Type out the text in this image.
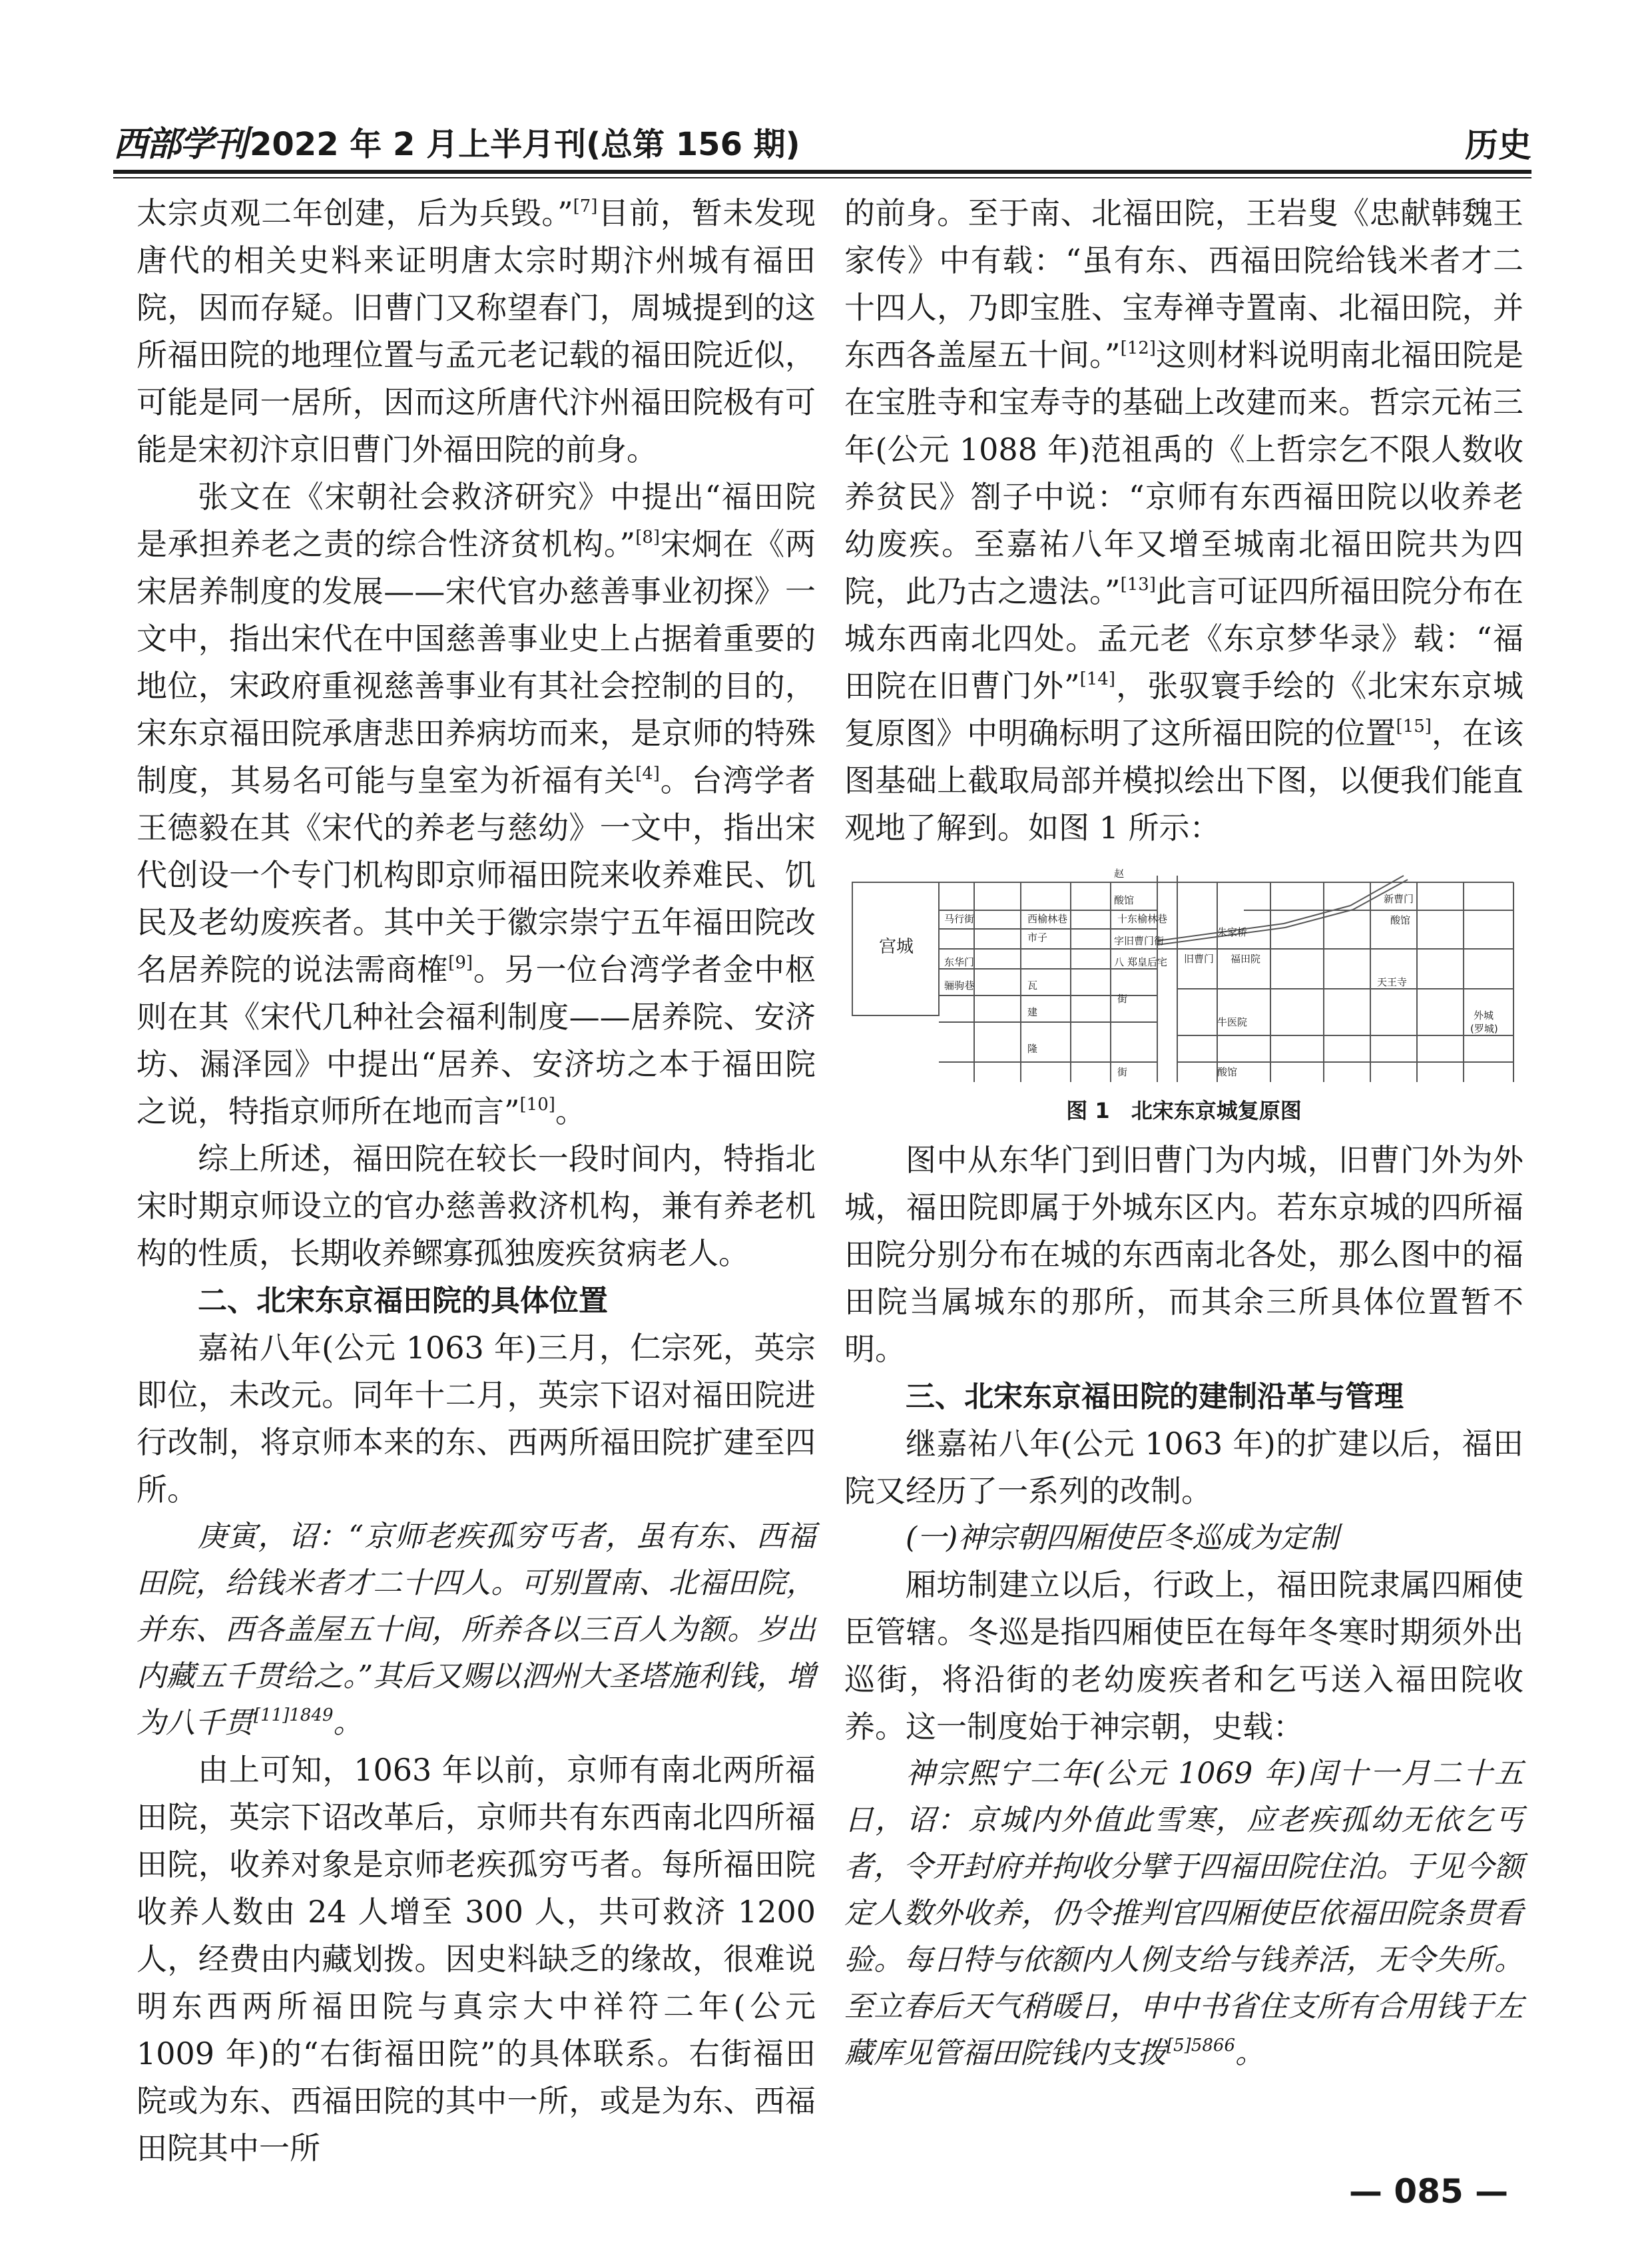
西部学刊 2022 年 2 月上半月刊(总第 156 期)	历史

太宗贞观二年创建，后为兵毁。”[7]目前，暂未发现唐代的相关史料来证明唐太宗时期汴州城有福田院，因而存疑。旧曹门又称望春门，周城提到的这所福田院的地理位置与孟元老记载的福田院近似，可能是同一居所，因而这所唐代汴州福田院极有可能是宋初汴京旧曹门外福田院的前身。

张文在《宋朝社会救济研究》中提出“福田院是承担养老之责的综合性济贫机构。”[8]宋炯在《两宋居养制度的发展——宋代官办慈善事业初探》一文中，指出宋代在中国慈善事业史上占据着重要的地位，宋政府重视慈善事业有其社会控制的目的，宋东京福田院承唐悲田养病坊而来，是京师的特殊制度，其易名可能与皇室为祈福有关[4]。台湾学者王德毅在其《宋代的养老与慈幼》一文中，指出宋代创设一个专门机构即京师福田院来收养难民、饥民及老幼废疾者。其中关于徽宗崇宁五年福田院改名居养院的说法需商榷[9]。另一位台湾学者金中枢则在其《宋代几种社会福利制度——居养院、安济坊、漏泽园》中提出“居养、安济坊之本于福田院之说，特指京师所在地而言”[10]。

综上所述，福田院在较长一段时间内，特指北宋时期京师设立的官办慈善救济机构，兼有养老机构的性质，长期收养鳏寡孤独废疾贫病老人。

二、北宋东京福田院的具体位置

嘉祐八年(公元 1063 年)三月，仁宗死，英宗即位，未改元。同年十二月，英宗下诏对福田院进行改制，将京师本来的东、西两所福田院扩建至四所。

庚寅，诏：“京师老疾孤穷丐者，虽有东、西福田院，给钱米者才二十四人。可别置南、北福田院，并东、西各盖屋五十间，所养各以三百人为额。岁出内藏五千贯给之。”其后又赐以泗州大圣塔施利钱，增为八千贯$^{[11]1849}$。

由上可知，1063 年以前，京师有南北两所福田院，英宗下诏改革后，京师共有东西南北四所福田院，收养对象是京师老疾孤穷丐者。每所福田院收养人数由 24 人增至 300 人，共可救济 1200 人，经费由内藏划拨。因史料缺乏的缘故，很难说明东西两所福田院与真宗大中祥符二年(公元 1009 年)的“右街福田院”的具体联系。右街福田院或为东、西福田院的其中一所，或是为东、西福田院其中一所

的前身。至于南、北福田院，王岩叟《忠献韩魏王家传》中有载：“虽有东、西福田院给钱米者才二十四人，乃即宝胜、宝寿禅寺置南、北福田院，并东西各盖屋五十间。”[12]这则材料说明南北福田院是在宝胜寺和宝寿寺的基础上改建而来。哲宗元祐三年(公元 1088 年)范祖禹的《上哲宗乞不限人数收养贫民》劄子中说：“京师有东西福田院以收养老幼废疾。至嘉祐八年又增至城南北福田院共为四院，此乃古之遗法。”[13]此言可证四所福田院分布在城东西南北四处。孟元老《东京梦华录》载：“福田院在旧曹门外”[14]，张驭寰手绘的《北宋东京城复原图》中明确标明了这所福田院的位置[15]，在该图基础上截取局部并模拟绘出下图，以便我们能直观地了解到。如图 1 所示：

宫城
赵
酸馆
马行街	西榆林巷	十 东榆林巷
市子	字 旧曹门街
东华门	八 郑皇后宅
骊驹巷	瓦
朱家桥
旧曹门 福田院
新曹门
酸馆
天王寺
建
街
牛医院
隆
街	酸馆
外城
(罗城)
图 1　北宋东京城复原图

图中从东华门到旧曹门为内城，旧曹门外为外城，福田院即属于外城东区内。若东京城的四所福田院分别分布在城的东西南北各处，那么图中的福田院当属城东的那所，而其余三所具体位置暂不明。

三、北宋东京福田院的建制沿革与管理

继嘉祐八年(公元 1063 年)的扩建以后，福田院又经历了一系列的改制。

(一)神宗朝四厢使臣冬巡成为定制

厢坊制建立以后，行政上，福田院隶属四厢使臣管辖。冬巡是指四厢使臣在每年冬寒时期须外出巡街，将沿街的老幼废疾者和乞丐送入福田院收养。这一制度始于神宗朝，史载：

神宗熙宁二年(公元 1069 年)闰十一月二十五日，诏：京城内外值此雪寒，应老疾孤幼无依乞丐者，令开封府并拘收分擘于四福田院住泊。于见今额定人数外收养，仍令推判官四厢使臣依福田院条贯看验。每日特与依额内人例支给与钱养活，无令失所。至立春后天气稍暖日，申中书省住支所有合用钱于左藏库见管福田院钱内支拨$^{[5]5866}$。

— 085 —
